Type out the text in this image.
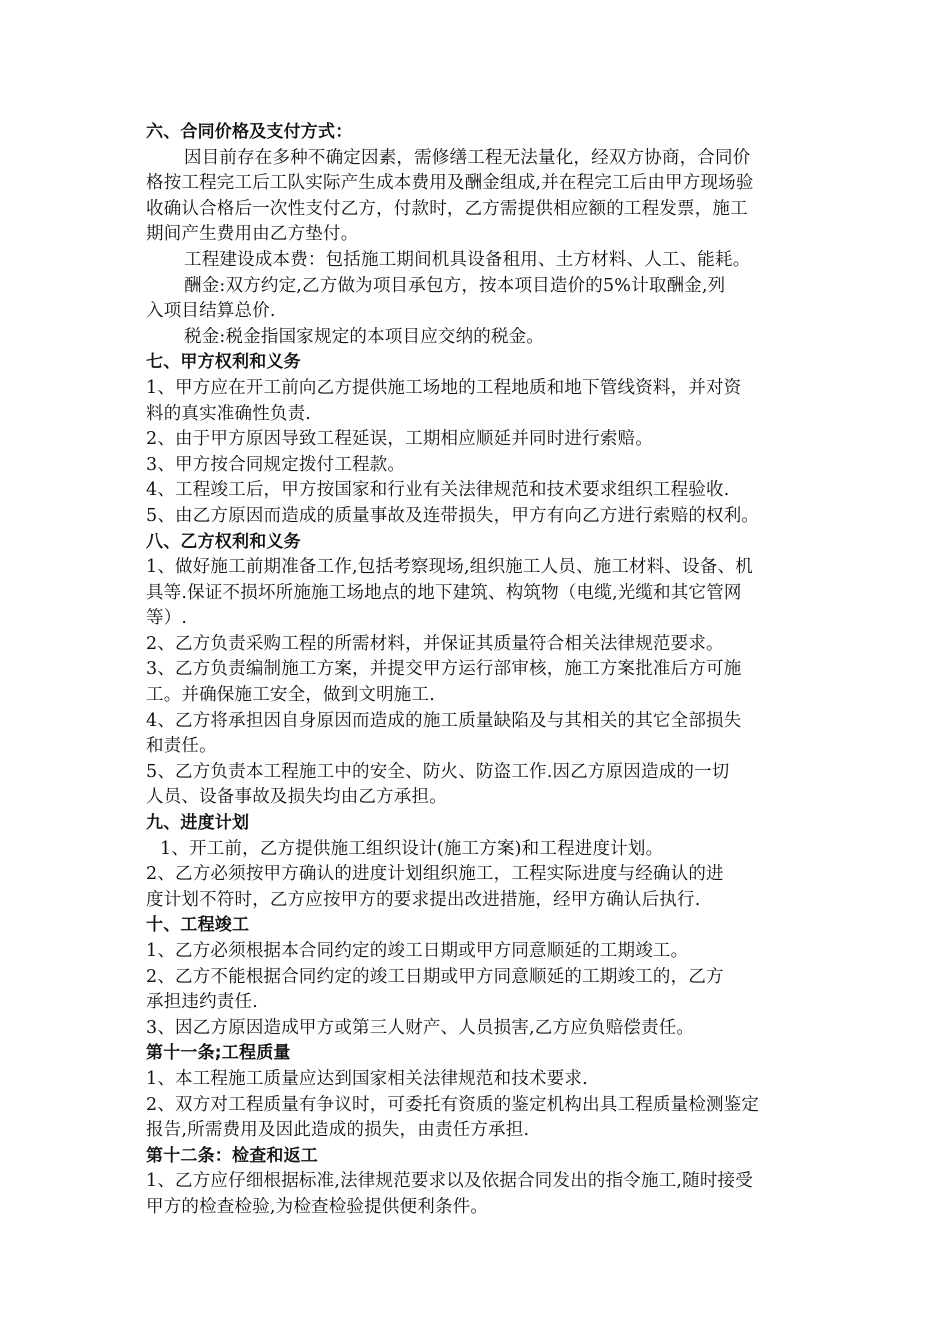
六、合同价格及支付方式：
因目前存在多种不确定因素，需修缮工程无法量化，经双方协商，合同价
格按工程完工后工队实际产生成本费用及酬金组成,并在程完工后由甲方现场验
收确认合格后一次性支付乙方，付款时，乙方需提供相应额的工程发票，施工
期间产生费用由乙方垫付。
工程建设成本费：包括施工期间机具设备租用、土方材料、人工、能耗。
酬金:双方约定,乙方做为项目承包方，按本项目造价的5%计取酬金,列
入项目结算总价.
税金:税金指国家规定的本项目应交纳的税金。
七、甲方权利和义务
1、甲方应在开工前向乙方提供施工场地的工程地质和地下管线资料，并对资
料的真实准确性负责.
2、由于甲方原因导致工程延误，工期相应顺延并同时进行索赔。
3、甲方按合同规定拨付工程款。
4、工程竣工后，甲方按国家和行业有关法律规范和技术要求组织工程验收.
5、由乙方原因而造成的质量事故及连带损失，甲方有向乙方进行索赔的权利。
八、乙方权利和义务
1、做好施工前期准备工作,包括考察现场,组织施工人员、施工材料、设备、机
具等.保证不损坏所施施工场地点的地下建筑、构筑物（电缆,光缆和其它管网
等）.
2、乙方负责采购工程的所需材料，并保证其质量符合相关法律规范要求。
3、乙方负责编制施工方案，并提交甲方运行部审核，施工方案批准后方可施
工。并确保施工安全，做到文明施工.
4、乙方将承担因自身原因而造成的施工质量缺陷及与其相关的其它全部损失
和责任。
5、乙方负责本工程施工中的安全、防火、防盗工作.因乙方原因造成的一切
人员、设备事故及损失均由乙方承担。
九、进度计划
1、开工前，乙方提供施工组织设计(施工方案)和工程进度计划。
2、乙方必须按甲方确认的进度计划组织施工，工程实际进度与经确认的进
度计划不符时，乙方应按甲方的要求提出改进措施，经甲方确认后执行.
十、工程竣工
1、乙方必须根据本合同约定的竣工日期或甲方同意顺延的工期竣工。
2、乙方不能根据合同约定的竣工日期或甲方同意顺延的工期竣工的，乙方
承担违约责任.
3、因乙方原因造成甲方或第三人财产、人员损害,乙方应负赔偿责任。
第十一条;工程质量
1、本工程施工质量应达到国家相关法律规范和技术要求.
2、双方对工程质量有争议时，可委托有资质的鉴定机构出具工程质量检测鉴定
报告,所需费用及因此造成的损失，由责任方承担.
第十二条：检查和返工
1、乙方应仔细根据标准,法律规范要求以及依据合同发出的指令施工,随时接受
甲方的检查检验,为检查检验提供便利条件。
